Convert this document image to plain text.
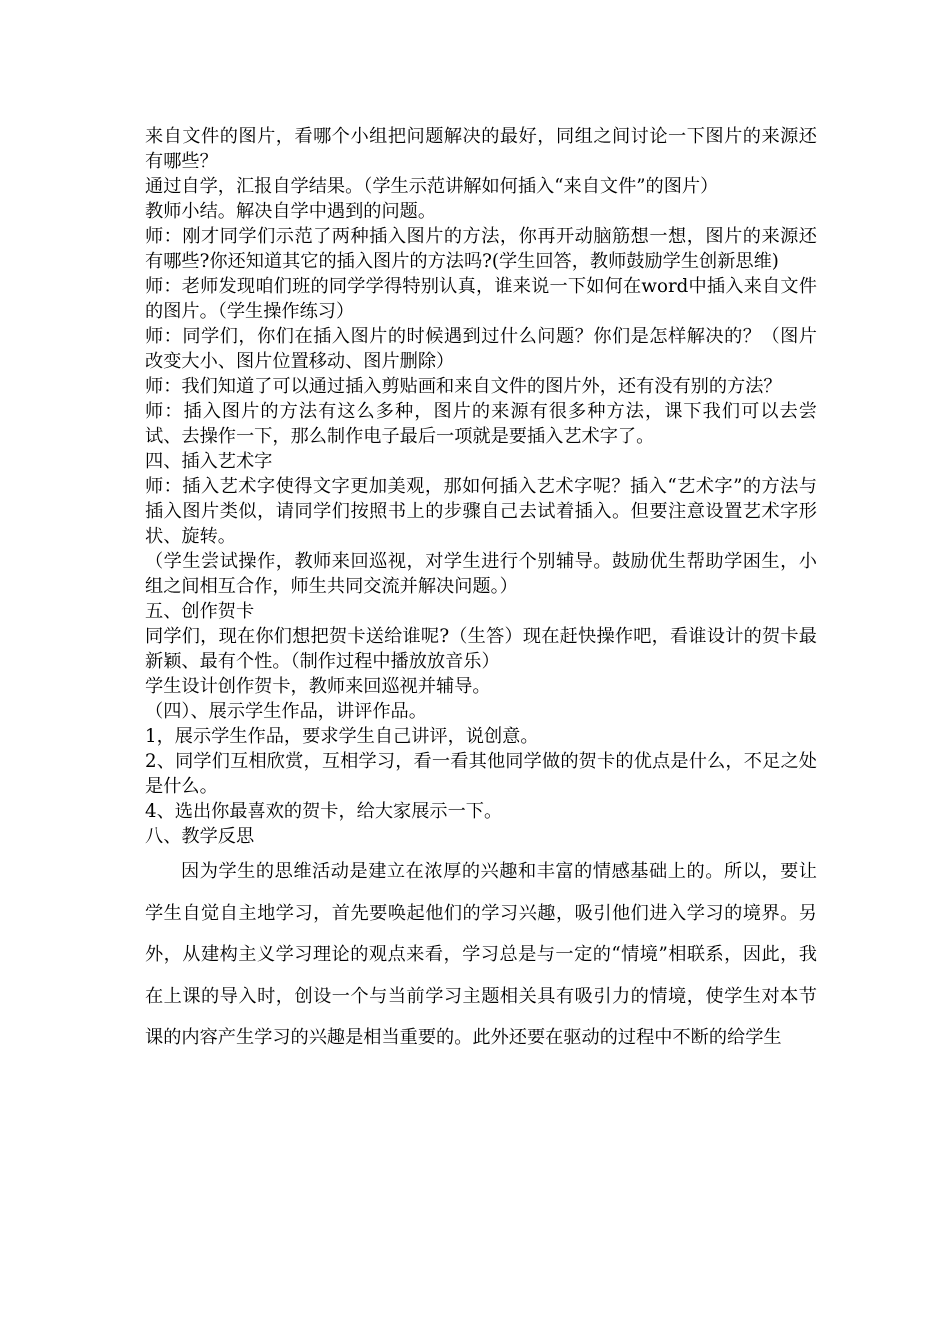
来自文件的图片，看哪个小组把问题解决的最好，同组之间讨论一下图片的来源还有哪些？

通过自学，汇报自学结果。（学生示范讲解如何插入“来自文件”的图片）

教师小结。解决自学中遇到的问题。

师：刚才同学们示范了两种插入图片的方法，你再开动脑筋想一想，图片的来源还有哪些?你还知道其它的插入图片的方法吗?(学生回答，教师鼓励学生创新思维)

师：老师发现咱们班的同学学得特别认真，谁来说一下如何在word中插入来自文件的图片。（学生操作练习）

师：同学们，你们在插入图片的时候遇到过什么问题？你们是怎样解决的？（图片改变大小、图片位置移动、图片删除）

师：我们知道了可以通过插入剪贴画和来自文件的图片外，还有没有别的方法？

师：插入图片的方法有这么多种，图片的来源有很多种方法，课下我们可以去尝试、去操作一下，那么制作电子最后一项就是要插入艺术字了。

四、插入艺术字

师：插入艺术字使得文字更加美观，那如何插入艺术字呢？插入“艺术字”的方法与插入图片类似，请同学们按照书上的步骤自己去试着插入。但要注意设置艺术字形状、旋转。

（学生尝试操作，教师来回巡视，对学生进行个别辅导。鼓励优生帮助学困生，小组之间相互合作，师生共同交流并解决问题。）

五、创作贺卡

同学们，现在你们想把贺卡送给谁呢?（生答）现在赶快操作吧，看谁设计的贺卡最新颖、最有个性。（制作过程中播放放音乐）

学生设计创作贺卡，教师来回巡视并辅导。

（四）、展示学生作品，讲评作品。

1，展示学生作品，要求学生自己讲评，说创意。

2、同学们互相欣赏，互相学习，看一看其他同学做的贺卡的优点是什么，不足之处是什么。

4、选出你最喜欢的贺卡，给大家展示一下。

八、教学反思

因为学生的思维活动是建立在浓厚的兴趣和丰富的情感基础上的。所以，要让学生自觉自主地学习，首先要唤起他们的学习兴趣，吸引他们进入学习的境界。另外，从建构主义学习理论的观点来看，学习总是与一定的“情境”相联系，因此，我在上课的导入时，创设一个与当前学习主题相关具有吸引力的情境，使学生对本节课的内容产生学习的兴趣是相当重要的。此外还要在驱动的过程中不断的给学生
